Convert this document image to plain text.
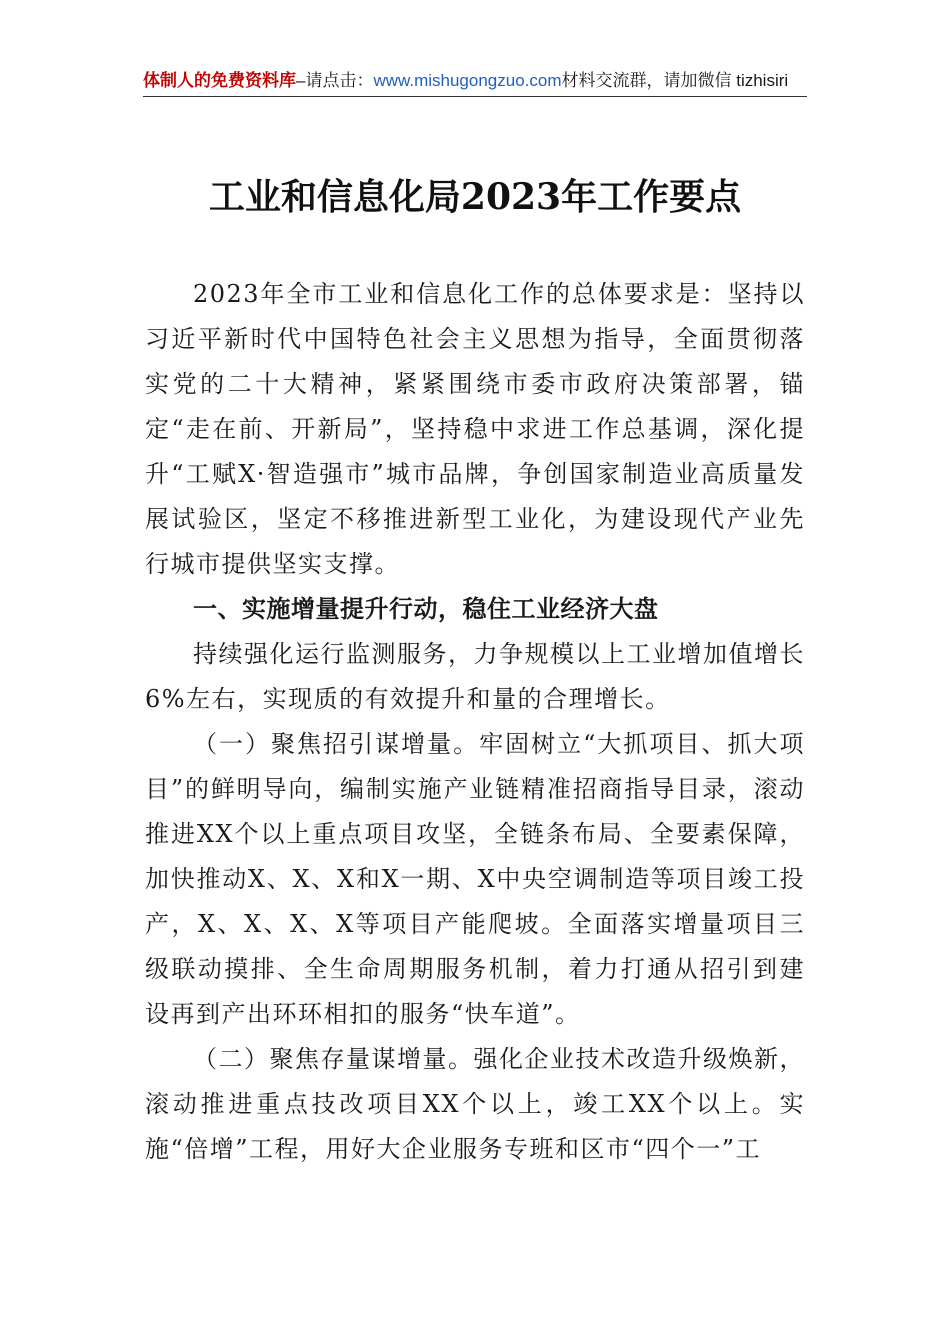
体制人的免费资料库–请点击：www.mishugongzuo.com材料交流群，请加微信 tizhisiri
工业和信息化局2023年工作要点

2023年全市工业和信息化工作的总体要求是：坚持以习近平新时代中国特色社会主义思想为指导，全面贯彻落实党的二十大精神，紧紧围绕市委市政府决策部署，锚定“走在前、开新局”，坚持稳中求进工作总基调，深化提升“工赋X·智造强市”城市品牌，争创国家制造业高质量发展试验区，坚定不移推进新型工业化，为建设现代产业先行城市提供坚实支撑。

一、实施增量提升行动，稳住工业经济大盘

持续强化运行监测服务，力争规模以上工业增加值增长6%左右，实现质的有效提升和量的合理增长。

（一）聚焦招引谋增量。牢固树立“大抓项目、抓大项目”的鲜明导向，编制实施产业链精准招商指导目录，滚动推进XX个以上重点项目攻坚，全链条布局、全要素保障，加快推动X、X、X和X一期、X中央空调制造等项目竣工投产，X、X、X、X等项目产能爬坡。全面落实增量项目三级联动摸排、全生命周期服务机制，着力打通从招引到建设再到产出环环相扣的服务“快车道”。

（二）聚焦存量谋增量。强化企业技术改造升级焕新，滚动推进重点技改项目XX个以上，竣工XX个以上。实施“倍增”工程，用好大企业服务专班和区市“四个一”工
